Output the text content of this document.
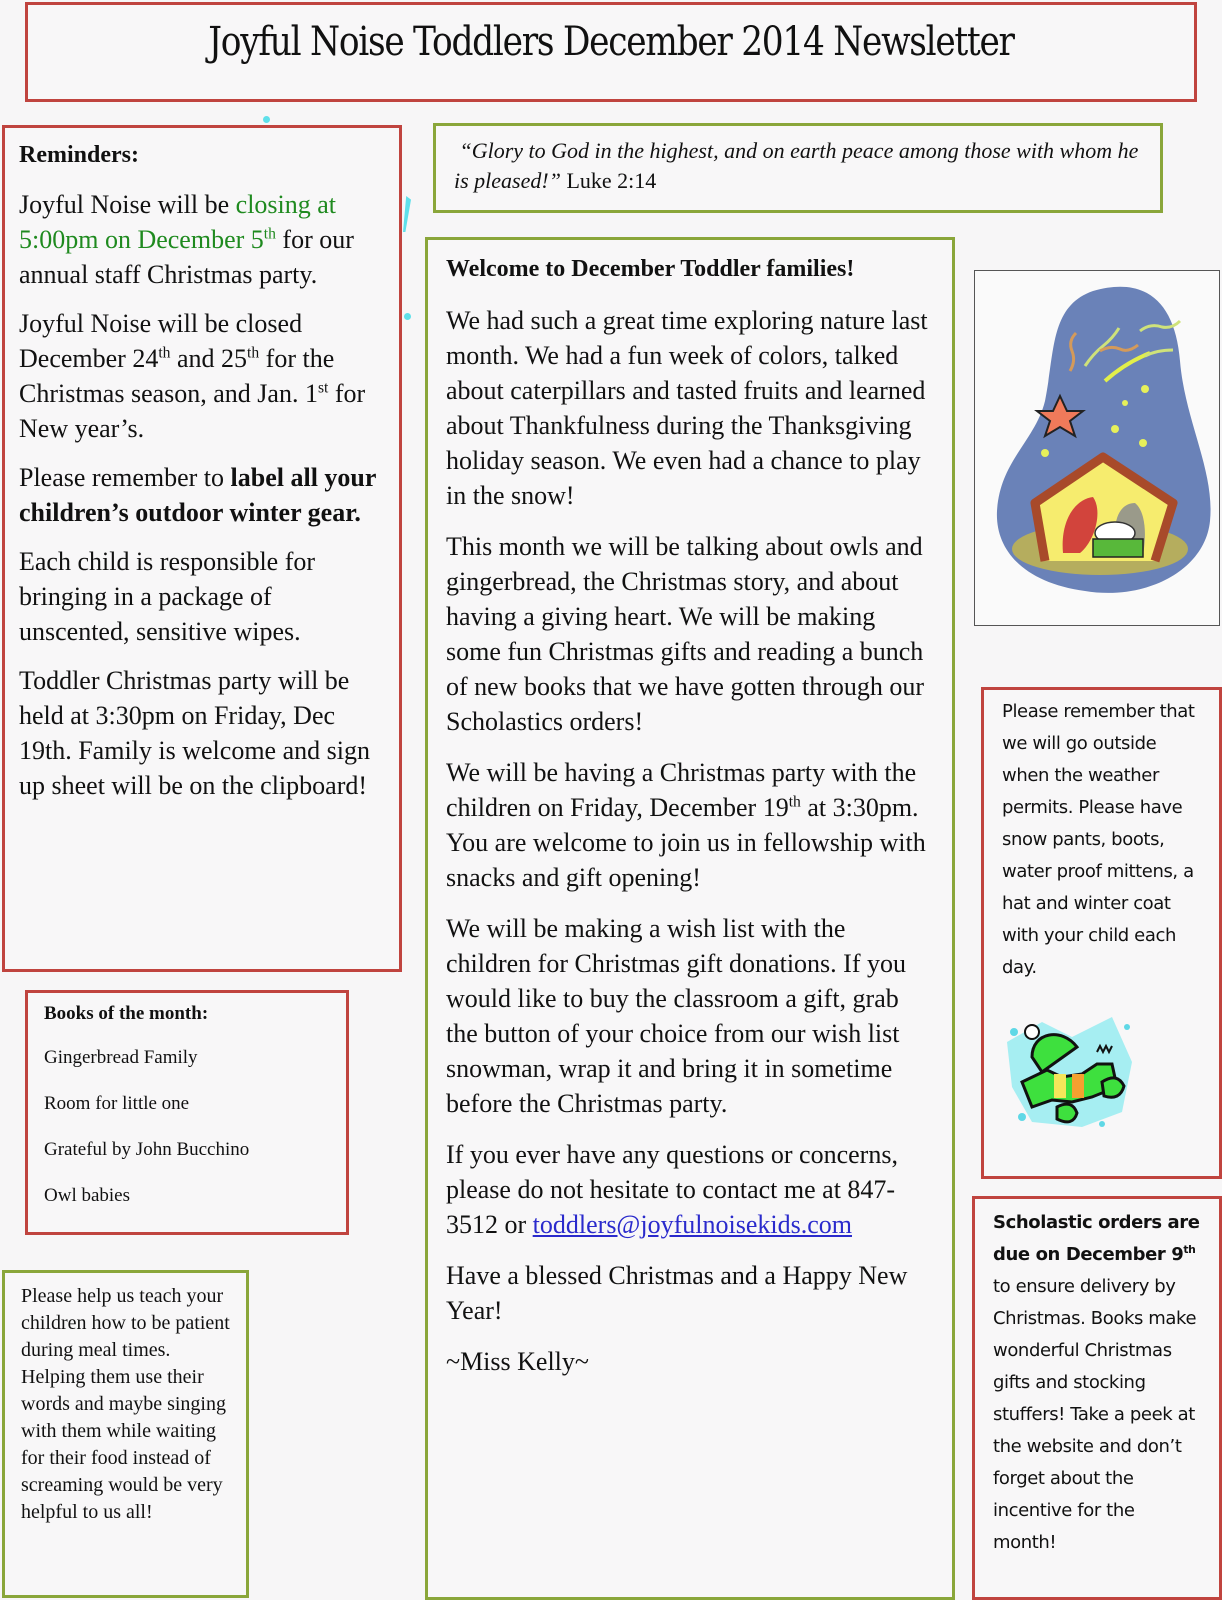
Joyful Noise Toddlers December 2014 Newsletter
Reminders:

Joyful Noise will be closing at 5:00pm on December 5th for our annual staff Christmas party.

Joyful Noise will be closed December 24th and 25th for the Christmas season, and Jan. 1st for New year’s.

Please remember to label all your children’s outdoor winter gear.

Each child is responsible for bringing in a package of unscented, sensitive wipes.

Toddler Christmas party will be held at 3:30pm on Friday, Dec 19th. Family is welcome and sign up sheet will be on the clipboard!

Books of the month:
Gingerbread Family
Room for little one
Grateful by John Bucchino
Owl babies

Please help us teach your children how to be patient during meal times. Helping them use their words and maybe singing with them while waiting for their food instead of screaming would be very helpful to us all!

“Glory to God in the highest, and on earth peace among those with whom he is pleased!” Luke 2:14

Welcome to December Toddler families!

We had such a great time exploring nature last month. We had a fun week of colors, talked about caterpillars and tasted fruits and learned about Thankfulness during the Thanksgiving holiday season. We even had a chance to play in the snow!

This month we will be talking about owls and gingerbread, the Christmas story, and about having a giving heart. We will be making some fun Christmas gifts and reading a bunch of new books that we have gotten through our Scholastics orders!

We will be having a Christmas party with the children on Friday, December 19th at 3:30pm. You are welcome to join us in fellowship with snacks and gift opening!

We will be making a wish list with the children for Christmas gift donations. If you would like to buy the classroom a gift, grab the button of your choice from our wish list snowman, wrap it and bring it in sometime before the Christmas party.

If you ever have any questions or concerns, please do not hesitate to contact me at 847-3512 or toddlers@joyfulnoisekids.com

Have a blessed Christmas and a Happy New Year!

~Miss Kelly~

Please remember that we will go outside when the weather permits. Please have snow pants, boots, water proof mittens, a hat and winter coat with your child each day.

Scholastic orders are due on December 9th to ensure delivery by Christmas. Books make wonderful Christmas gifts and stocking stuffers! Take a peek at the website and don’t forget about the incentive for the month!
